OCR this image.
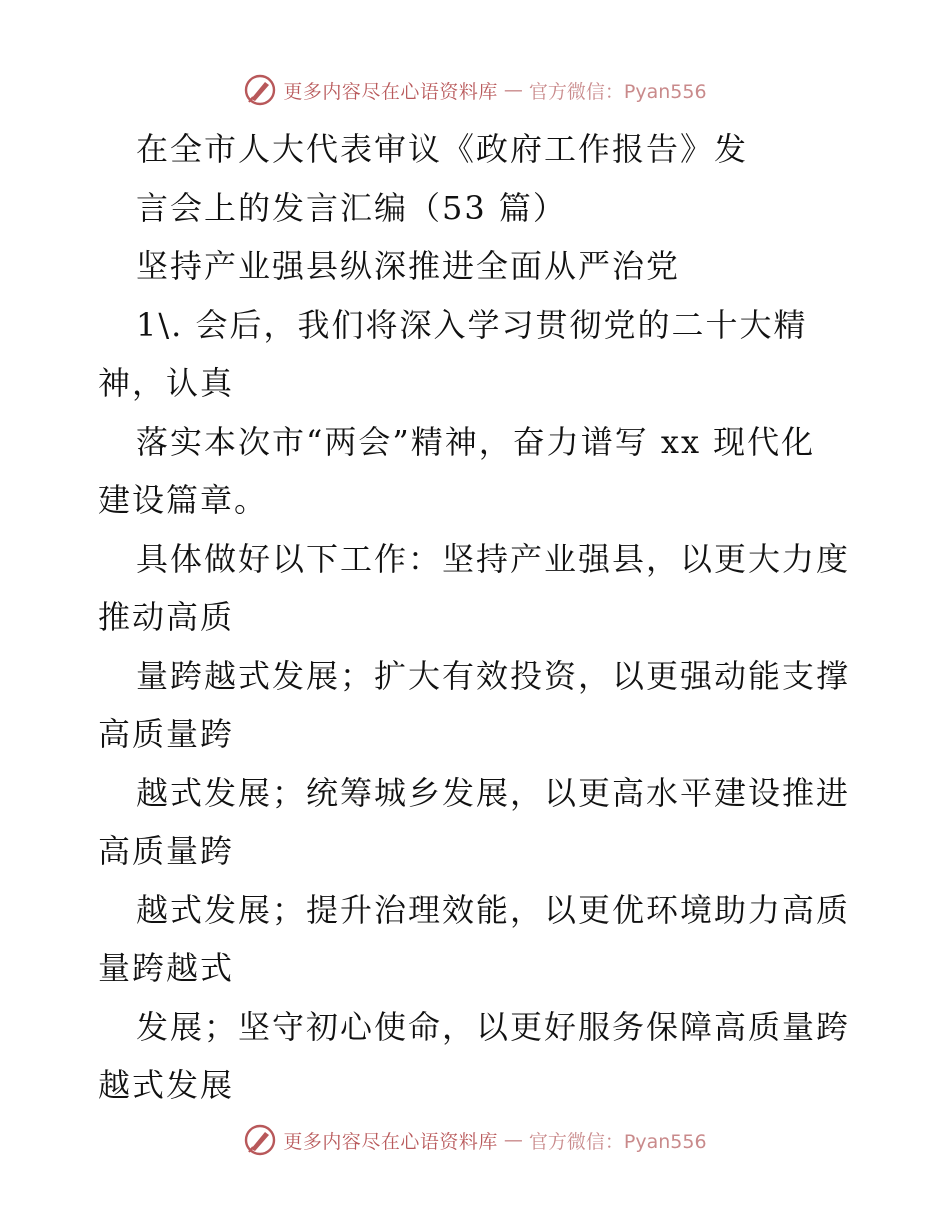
更多内容尽在心语资料库 — 官方微信：Pyan556
在全市人大代表审议《政府工作报告》发
言会上的发言汇编（53 篇）
坚持产业强县纵深推进全面从严治党
1\. 会后，我们将深入学习贯彻党的二十大精
神，认真
落实本次市“两会”精神，奋力谱写 xx 现代化
建设篇章。
具体做好以下工作：坚持产业强县，以更大力度
推动高质
量跨越式发展；扩大有效投资，以更强动能支撑
高质量跨
越式发展；统筹城乡发展，以更高水平建设推进
高质量跨
越式发展；提升治理效能，以更优环境助力高质
量跨越式
发展；坚守初心使命，以更好服务保障高质量跨
越式发展
更多内容尽在心语资料库 — 官方微信：Pyan556
